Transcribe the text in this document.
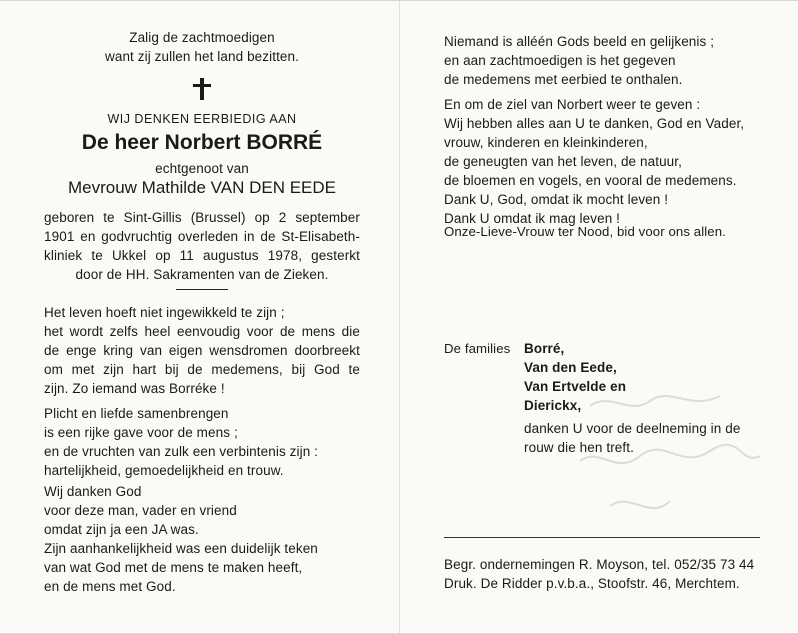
Zalig de zachtmoedigen
want zij zullen het land bezitten.
WIJ DENKEN EERBIEDIG AAN
De heer Norbert BORRÉ
echtgenoot van
Mevrouw Mathilde VAN DEN EEDE
geboren te Sint-Gillis (Brussel) op 2 september
1901 en godvruchtig overleden in de St-Elisabeth-
kliniek te Ukkel op 11 augustus 1978, gesterkt
door de HH. Sakramenten van de Zieken.
Het leven hoeft niet ingewikkeld te zijn ;
het wordt zelfs heel eenvoudig voor de mens die
de enge kring van eigen wensdromen doorbreekt
om met zijn hart bij de medemens, bij God te
zijn. Zo iemand was Borréke !
Plicht en liefde samenbrengen
is een rijke gave voor de mens ;
en de vruchten van zulk een verbintenis zijn :
hartelijkheid, gemoedelijkheid en trouw.
Wij danken God
voor deze man, vader en vriend
omdat zijn ja een JA was.
Zijn aanhankelijkheid was een duidelijk teken
van wat God met de mens te maken heeft,
en de mens met God.
Niemand is alléén Gods beeld en gelijkenis ;
en aan zachtmoedigen is het gegeven
de medemens met eerbied te onthalen.
En om de ziel van Norbert weer te geven :
Wij hebben alles aan U te danken, God en Vader,
vrouw, kinderen en kleinkinderen,
de geneugten van het leven, de natuur,
de bloemen en vogels, en vooral de medemens.
Dank U, God, omdat ik mocht leven !
Dank U omdat ik mag leven !
Onze-Lieve-Vrouw ter Nood, bid voor ons allen.
De families Borré,
Van den Eede,
Van Ertvelde en
Dierickx,
danken U voor de deelneming in de
rouw die hen treft.
Begr. ondernemingen R. Moyson, tel. 052/35 73 44
Druk. De Ridder p.v.b.a., Stoofstr. 46, Merchtem.
